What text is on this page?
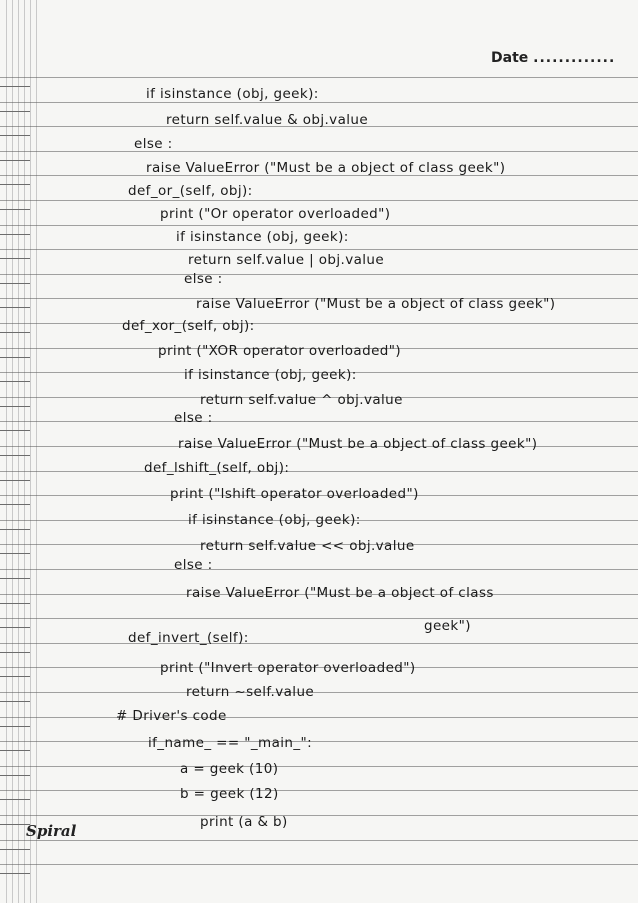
Date .............
if isinstance (obj, geek):
return self.value & obj.value
else :
raise ValueError ("Must be a object of class geek")
def_or_(self, obj):
print ("Or operator overloaded")
if isinstance (obj, geek):
return self.value | obj.value
else :
raise ValueError ("Must be a object of class geek")
def_xor_(self, obj):
print ("XOR operator overloaded")
if isinstance (obj, geek):
return self.value ^ obj.value
else :
raise ValueError ("Must be a object of class geek")
def_lshift_(self, obj):
print ("lshift operator overloaded")
if isinstance (obj, geek):
return self.value << obj.value
else :
raise ValueError ("Must be a object of class
geek")
def_invert_(self):
print ("Invert operator overloaded")
return ~self.value
# Driver's code
if_name_ == "_main_":
a = geek (10)
b = geek (12)
print (a & b)
Spiral
